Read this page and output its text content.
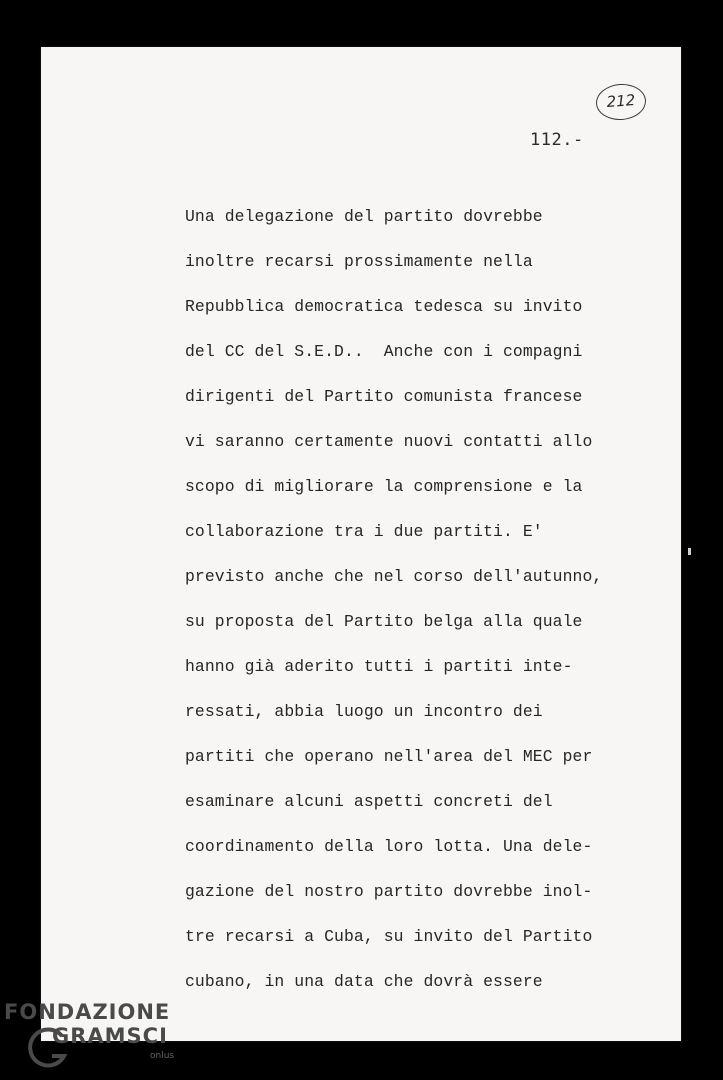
212
112.-
Una delegazione del partito dovrebbe
inoltre recarsi prossimamente nella
Repubblica democratica tedesca su invito
del CC del S.E.D..  Anche con i compagni
dirigenti del Partito comunista francese
vi saranno certamente nuovi contatti allo
scopo di migliorare la comprensione e la
collaborazione tra i due partiti. E'
previsto anche che nel corso dell'autunno,
su proposta del Partito belga alla quale
hanno già aderito tutti i partiti inte-
ressati, abbia luogo un incontro dei
partiti che operano nell'area del MEC per
esaminare alcuni aspetti concreti del
coordinamento della loro lotta. Una dele-
gazione del nostro partito dovrebbe inol-
tre recarsi a Cuba, su invito del Partito
cubano, in una data che dovrà essere
FONDAZIONE
GRAMSCI
onlus
